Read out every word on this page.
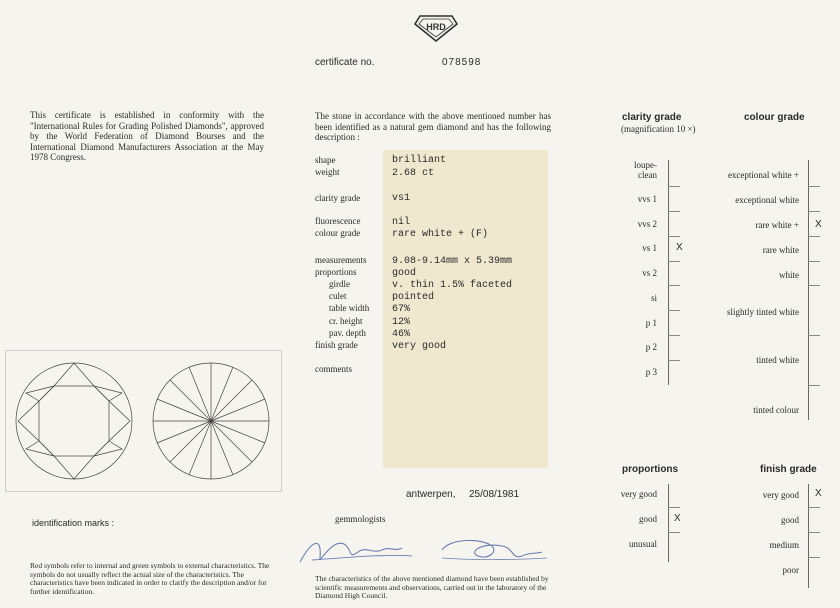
HRD
certificate no.	078598
This certificate is established in conformity with the "International Rules for Grading Polished Diamonds", approved by the World Federation of Diamond Bourses and the International Diamond Manufacturers Association at the May 1978 Congress.
The stone in accordance with the above mentioned number has been identified as a natural gem diamond and has the following description :
shape
weight
clarity grade
fluorescence
colour grade
measurements
proportions
girdle
culet
table width
cr. height
pav. depth
finish grade
comments
brilliant
2.68 ct
vs1
nil
rare white + (F)
9.08-9.14mm x 5.39mm
good
v. thin 1.5% faceted
pointed
67%
12%
46%
very good
identification marks :
Red symbols refer to internal and green symbols to external characteristics. The symbols do not usually reflect the actual size of the characteristics. The characteristics have been indicated in order to clarify the description and/or for further identification.
antwerpen, 25/08/1981
gemmologists
The characteristics of the above mentioned diamond have been established by scientific measurements and observations, carried out in the laboratory of the Diamond High Council.
clarity grade
(magnification 10 ×)
loupe-
clean
vvs 1
vvs 2
vs 1
vs 2
si
p 1
p 2
p 3
X
colour grade
exceptional white +
exceptional white
rare white +
rare white
white
slightly tinted white
tinted white
tinted colour
X
proportions
very good
good
unusual
X
finish grade
very good
good
medium
poor
X
